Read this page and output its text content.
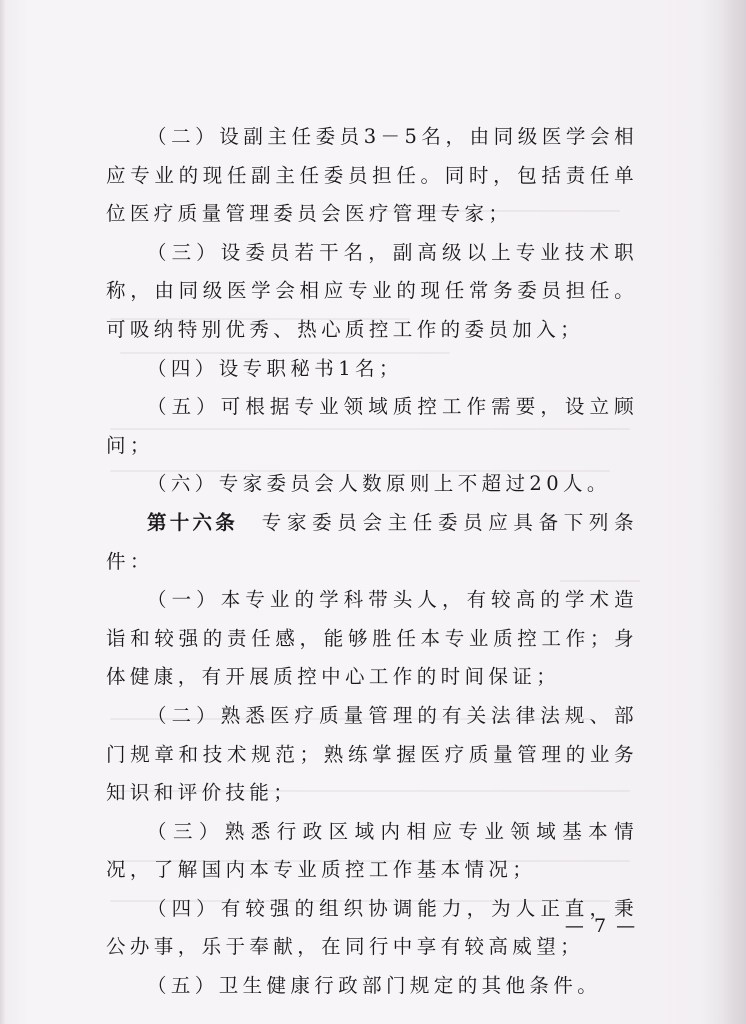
（二）设副主任委员3－5名，由同级医学会相应专业的现任副主任委员担任。同时，包括责任单位医疗质量管理委员会医疗管理专家；

（三）设委员若干名，副高级以上专业技术职称，由同级医学会相应专业的现任常务委员担任。可吸纳特别优秀、热心质控工作的委员加入；

（四）设专职秘书1名；

（五）可根据专业领域质控工作需要，设立顾问；

（六）专家委员会人数原则上不超过20人。

第十六条 专家委员会主任委员应具备下列条件：

（一）本专业的学科带头人，有较高的学术造诣和较强的责任感，能够胜任本专业质控工作；身体健康，有开展质控中心工作的时间保证；

（二）熟悉医疗质量管理的有关法律法规、部门规章和技术规范；熟练掌握医疗质量管理的业务知识和评价技能；

（三）熟悉行政区域内相应专业领域基本情况，了解国内本专业质控工作基本情况；

（四）有较强的组织协调能力，为人正直，秉公办事，乐于奉献，在同行中享有较高威望；

（五）卫生健康行政部门规定的其他条件。

— 7 —
